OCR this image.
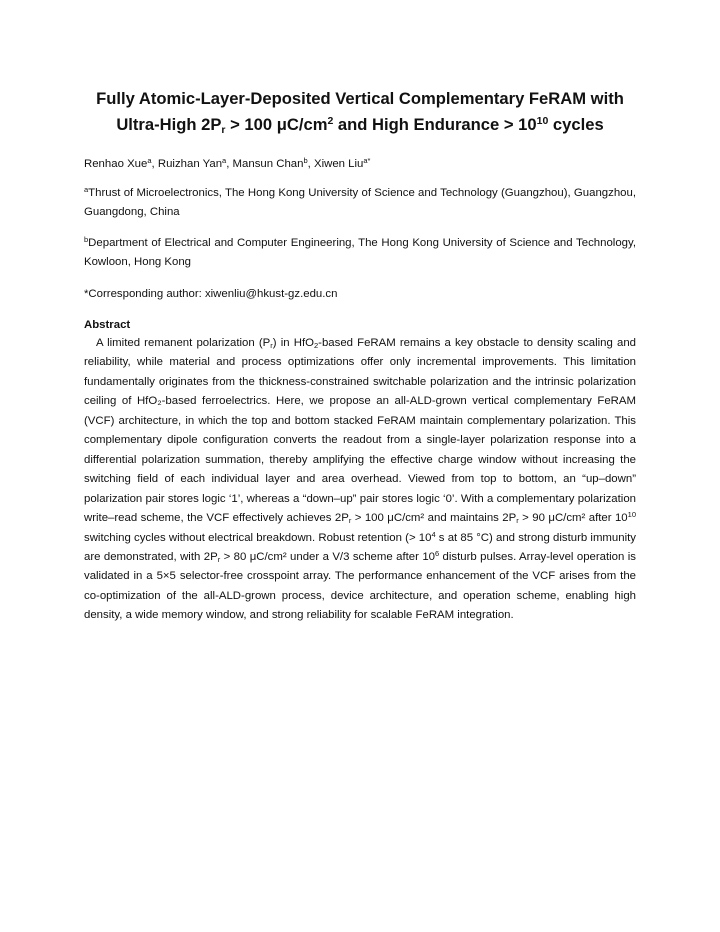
Fully Atomic-Layer-Deposited Vertical Complementary FeRAM with
Ultra-High $2P_r > 100$ $\mu C/cm^2$ and High Endurance > $10^{10}$ cycles
Renhao Xue$^a$, Ruizhan Yan$^a$, Mansun Chan$^b$, Xiwen Liu$^{a*}$
$^a$Thrust of Microelectronics, The Hong Kong University of Science and Technology (Guangzhou), Guangzhou, Guangdong, China
$^b$Department of Electrical and Computer Engineering, The Hong Kong University of Science and Technology, Kowloon, Hong Kong
*Corresponding author: xiwenliu@hkust-gz.edu.cn
Abstract
A limited remanent polarization $(P_r)$ in HfO$_2$-based FeRAM remains a key obstacle to density scaling and reliability, while material and process optimizations offer only incremental improvements. This limitation fundamentally originates from the thickness-constrained switchable polarization and the intrinsic polarization ceiling of HfO₂-based ferroelectrics. Here, we propose an all-ALD-grown vertical complementary FeRAM (VCF) architecture, in which the top and bottom stacked FeRAM maintain complementary polarization. This complementary dipole configuration converts the readout from a single-layer polarization response into a differential polarization summation, thereby amplifying the effective charge window without increasing the switching field of each individual layer and area overhead. Viewed from top to bottom, an “up–down” polarization pair stores logic ‘1’, whereas a “down–up” pair stores logic ‘0’. With a complementary polarization write–read scheme, the VCF effectively achieves $2P_r > 100$ μC/cm² and maintains $2P_r > 90$ μC/cm² after $10^{10}$ switching cycles without electrical breakdown. Robust retention (> $10^4$ s at 85 °C) and strong disturb immunity are demonstrated, with $2P_r > 80$ μC/cm² under a V/3 scheme after $10^6$ disturb pulses. Array-level operation is validated in a 5×5 selector-free crosspoint array. The performance enhancement of the VCF arises from the co-optimization of the all-ALD-grown process, device architecture, and operation scheme, enabling high density, a wide memory window, and strong reliability for scalable FeRAM integration.
